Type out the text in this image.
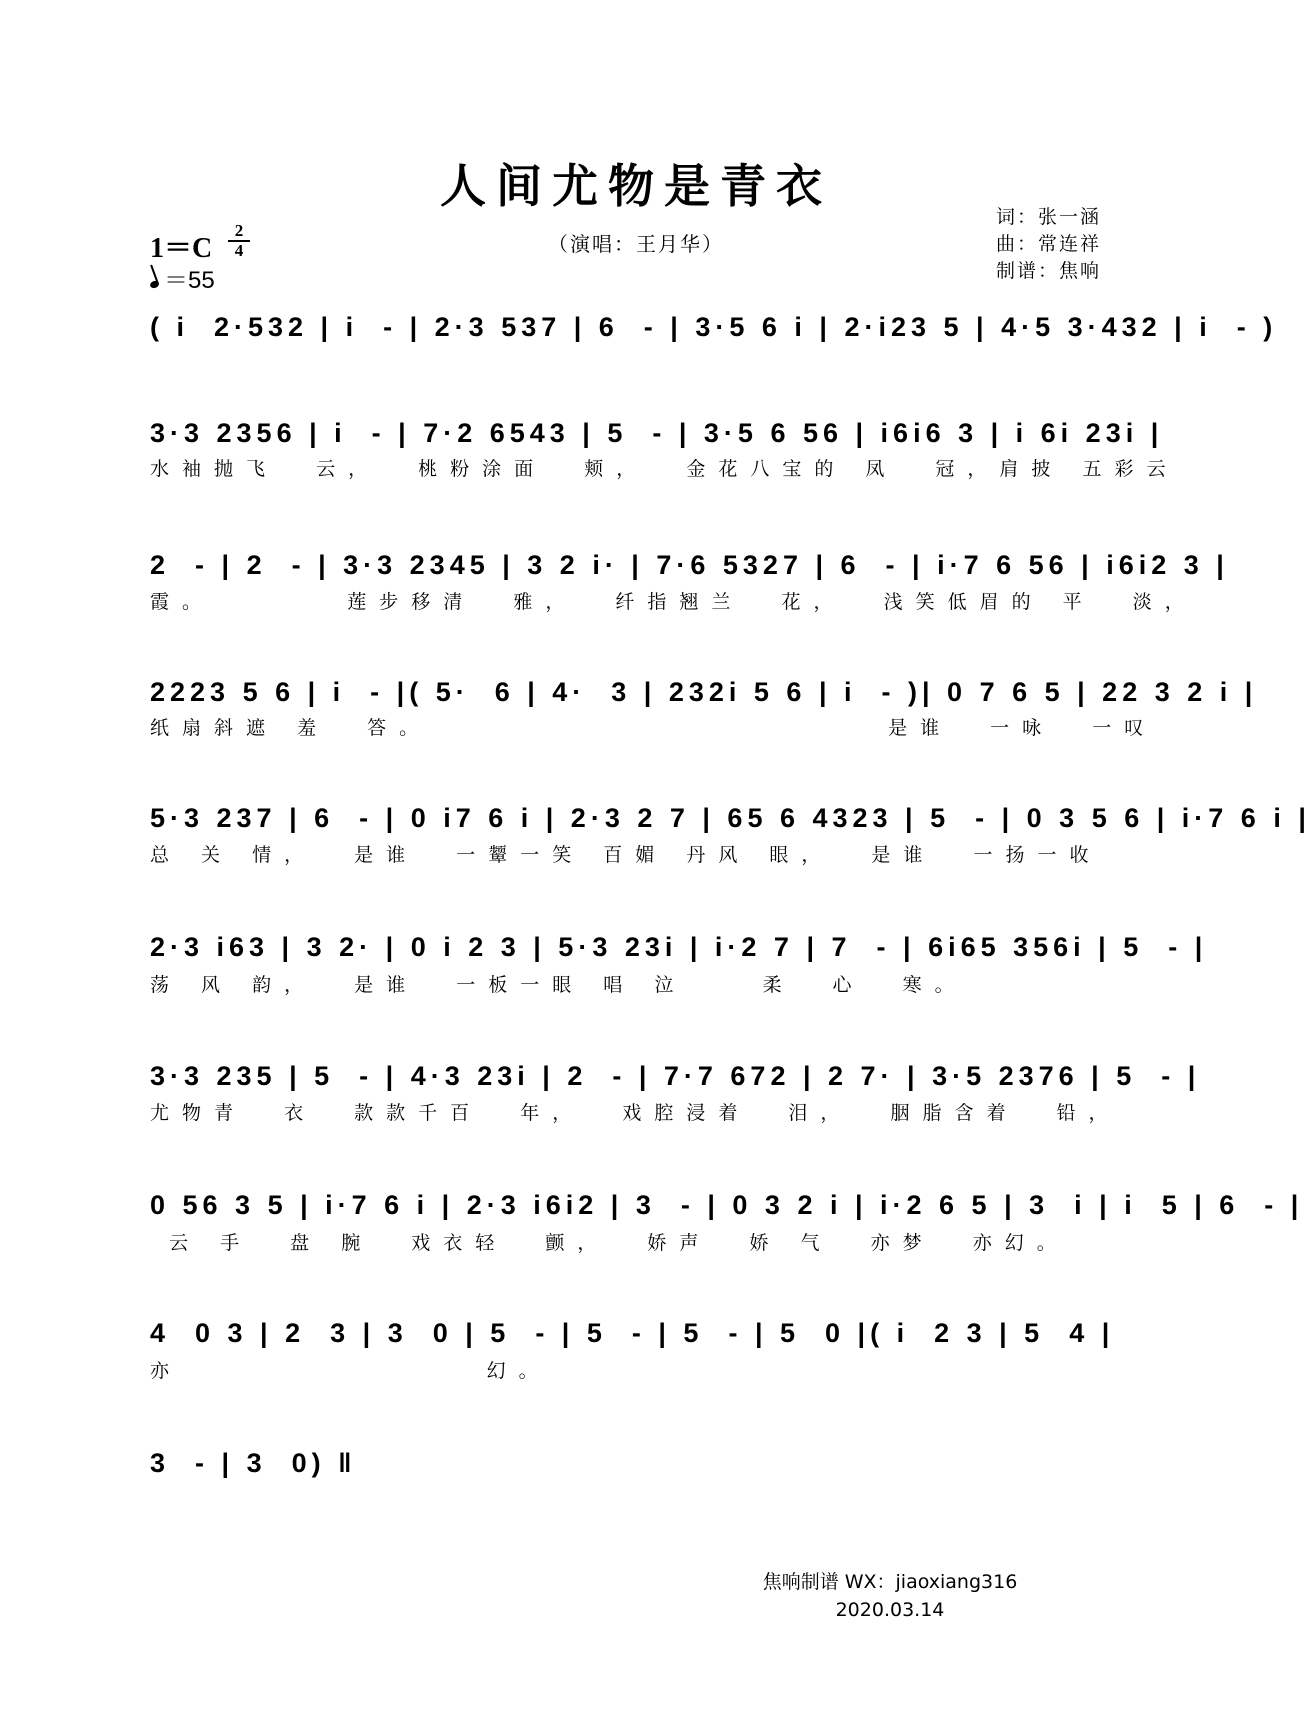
人间尤物是青衣
（演唱：王月华）
词：张一涵
曲：常连祥
制谱：焦响
1＝C
2
4
＝55
( i  2·532 | i  - | 2·3 537 | 6  - | 3·5 6 i | 2·i23 5 | 4·5 3·432 | i  - )
3·3 2356 | i  - | 7·2 6543 | 5  - | 3·5 6 56 | i6i6 3 | i 6i 23i |
水袖抛飞  云，  桃粉涂面  颊，  金花八宝的 凤  冠，肩披 五彩云
2  - | 2  - | 3·3 2345 | 3 2 i· | 7·6 5327 | 6  - | i·7 6 56 | i6i2 3 |
霞。       莲步移清  雅，  纤指翘兰  花，  浅笑低眉的 平  淡，
2223 5 6 | i  - |( 5·  6 | 4·  3 | 232i 5 6 | i  - )| 0 7 6 5 | 22 3 2 i |
纸扇斜遮 羞  答。                        是谁  一咏  一叹
5·3 237 | 6  - | 0 i7 6 i | 2·3 2 7 | 65 6 4323 | 5  - | 0 3 5 6 | i·7 6 i |
总 关 情，  是谁  一颦一笑 百媚 丹风 眼，  是谁  一扬一收
2·3 i63 | 3 2· | 0 i 2 3 | 5·3 23i | i·2 7 | 7  - | 6i65 356i | 5  - |
荡 风 韵，  是谁  一板一眼 唱 泣    柔  心  寒。
3·3 235 | 5  - | 4·3 23i | 2  - | 7·7 672 | 2 7· | 3·5 2376 | 5  - |
尤物青  衣  款款千百  年，  戏腔浸着  泪，  胭脂含着  铅，
0 56 3 5 | i·7 6 i | 2·3 i6i2 | 3  - | 0 3 2 i | i·2 6 5 | 3  i | i  5 | 6  - |
云 手  盘 腕  戏衣轻  颤，  娇声  娇 气  亦梦  亦幻。
4  0 3 | 2  3 | 3  0 | 5  - | 5  - | 5  - | 5  0 |( i  2 3 | 5  4 |
亦                幻。
3  - | 3  0) ‖
焦响制谱 WX：jiaoxiang316
2020.03.14
